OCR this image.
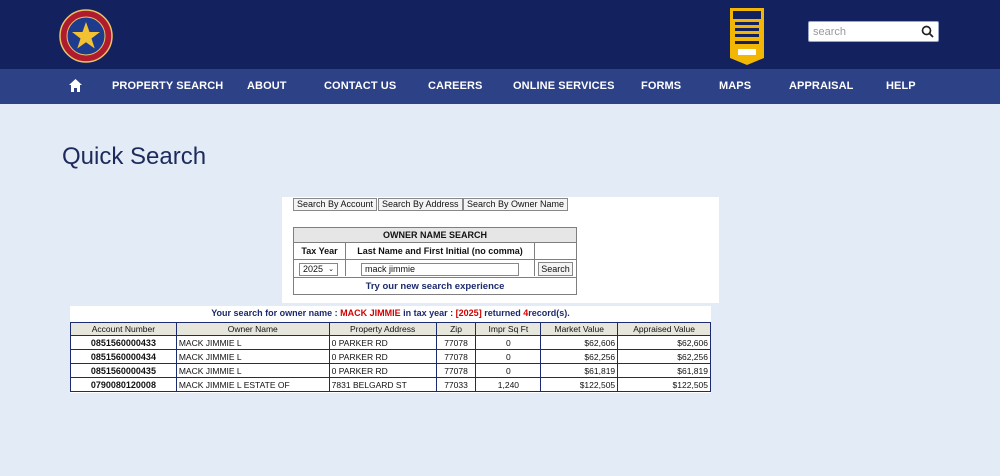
search
PROPERTY SEARCH ABOUT	CONTACT US	CAREERS	ONLINE SERVICES FORMS	MAPS	APPRAISAL	HELP
Quick Search
Search By Account Search By Address Search By Owner Name
OWNER NAME SEARCH
Tax Year	Last Name and First Initial (no comma)
2025 ⌄	mack jimmie	Search
Try our new search experience
Your search for owner name : MACK JIMMIE in tax year : [2025] returned 4record(s).
Account Number	Owner Name	Property Address	Zip	Impr Sq Ft	Market Value	Appraised Value
0851560000433	MACK JIMMIE L	0 PARKER RD	77078	0	$62,606	$62,606
0851560000434	MACK JIMMIE L	0 PARKER RD	77078	0	$62,256	$62,256
0851560000435	MACK JIMMIE L	0 PARKER RD	77078	0	$61,819	$61,819
0790080120008	MACK JIMMIE L ESTATE OF	7831 BELGARD ST	77033	1,240	$122,505	$122,505
